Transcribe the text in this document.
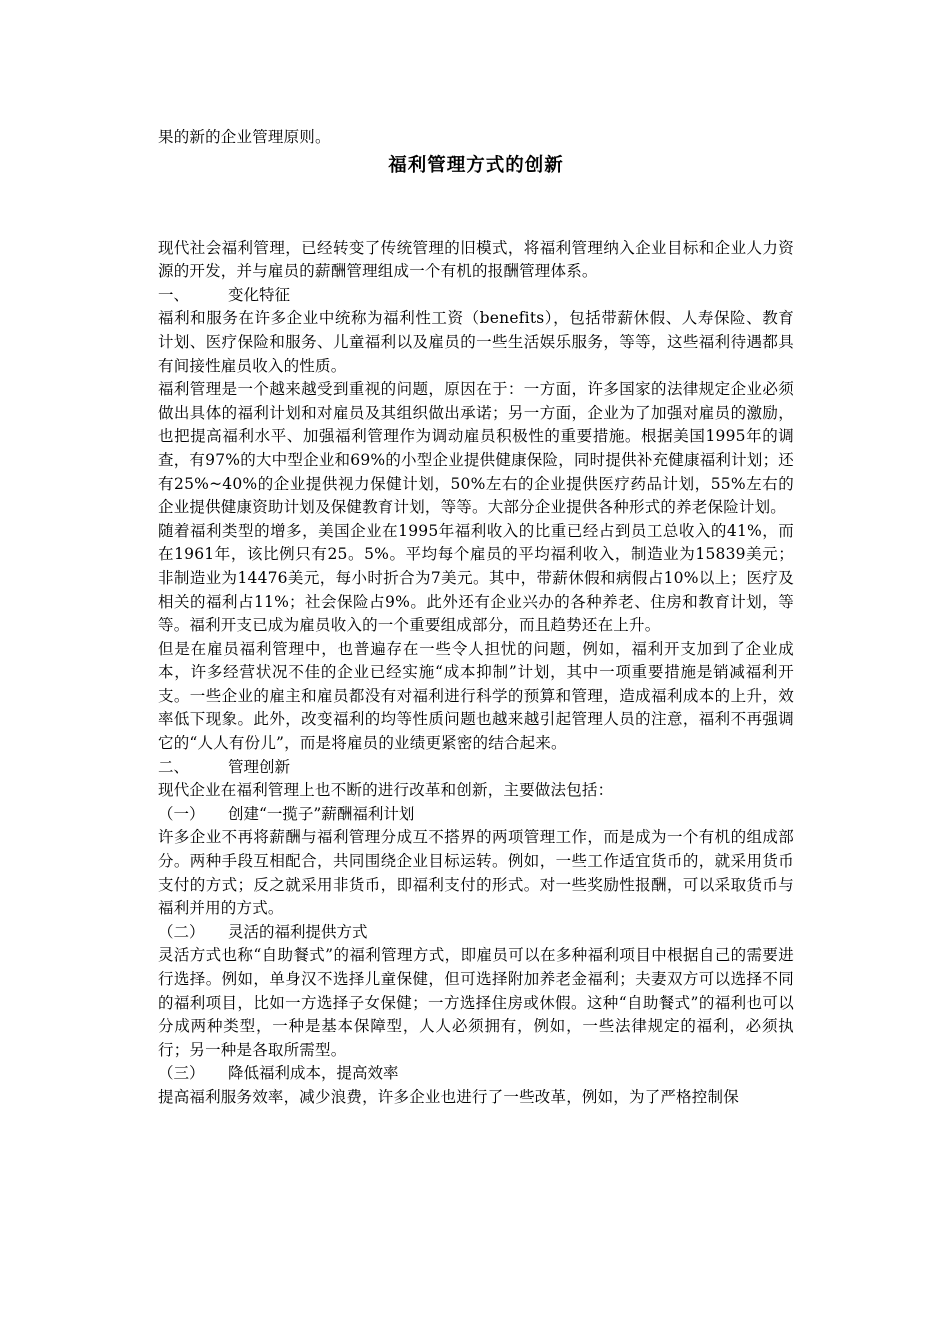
果的新的企业管理原则。

福利管理方式的创新

现代社会福利管理，已经转变了传统管理的旧模式，将福利管理纳入企业目标和企业人力资源的开发，并与雇员的薪酬管理组成一个有机的报酬管理体系。

一、	变化特征

福利和服务在许多企业中统称为福利性工资（benefits），包括带薪休假、人寿保险、教育计划、医疗保险和服务、儿童福利以及雇员的一些生活娱乐服务，等等，这些福利待遇都具有间接性雇员收入的性质。

福利管理是一个越来越受到重视的问题，原因在于：一方面，许多国家的法律规定企业必须做出具体的福利计划和对雇员及其组织做出承诺；另一方面，企业为了加强对雇员的激励，也把提高福利水平、加强福利管理作为调动雇员积极性的重要措施。根据美国1995年的调查，有97%的大中型企业和69%的小型企业提供健康保险，同时提供补充健康福利计划；还有25%~40%的企业提供视力保健计划，50%左右的企业提供医疗药品计划，55%左右的企业提供健康资助计划及保健教育计划，等等。大部分企业提供各种形式的养老保险计划。

随着福利类型的增多，美国企业在1995年福利收入的比重已经占到员工总收入的41%，而在1961年，该比例只有25。5%。平均每个雇员的平均福利收入，制造业为15839美元；非制造业为14476美元，每小时折合为7美元。其中，带薪休假和病假占10%以上；医疗及相关的福利占11%；社会保险占9%。此外还有企业兴办的各种养老、住房和教育计划，等等。福利开支已成为雇员收入的一个重要组成部分，而且趋势还在上升。

但是在雇员福利管理中，也普遍存在一些令人担忧的问题，例如，福利开支加到了企业成本，许多经营状况不佳的企业已经实施“成本抑制”计划，其中一项重要措施是销减福利开支。一些企业的雇主和雇员都没有对福利进行科学的预算和管理，造成福利成本的上升，效率低下现象。此外，改变福利的均等性质问题也越来越引起管理人员的注意，福利不再强调它的“人人有份儿”，而是将雇员的业绩更紧密的结合起来。

二、	管理创新

现代企业在福利管理上也不断的进行改革和创新，主要做法包括：

（一） 创建“一揽子”薪酬福利计划

许多企业不再将薪酬与福利管理分成互不搭界的两项管理工作，而是成为一个有机的组成部分。两种手段互相配合，共同围绕企业目标运转。例如，一些工作适宜货币的，就采用货币支付的方式；反之就采用非货币，即福利支付的形式。对一些奖励性报酬，可以采取货币与福利并用的方式。

（二） 灵活的福利提供方式

灵活方式也称“自助餐式”的福利管理方式，即雇员可以在多种福利项目中根据自己的需要进行选择。例如，单身汉不选择儿童保健，但可选择附加养老金福利；夫妻双方可以选择不同的福利项目，比如一方选择子女保健；一方选择住房或休假。这种“自助餐式”的福利也可以分成两种类型，一种是基本保障型，人人必须拥有，例如，一些法律规定的福利，必须执行；另一种是各取所需型。

（三） 降低福利成本，提高效率

提高福利服务效率，减少浪费，许多企业也进行了一些改革，例如，为了严格控制保
